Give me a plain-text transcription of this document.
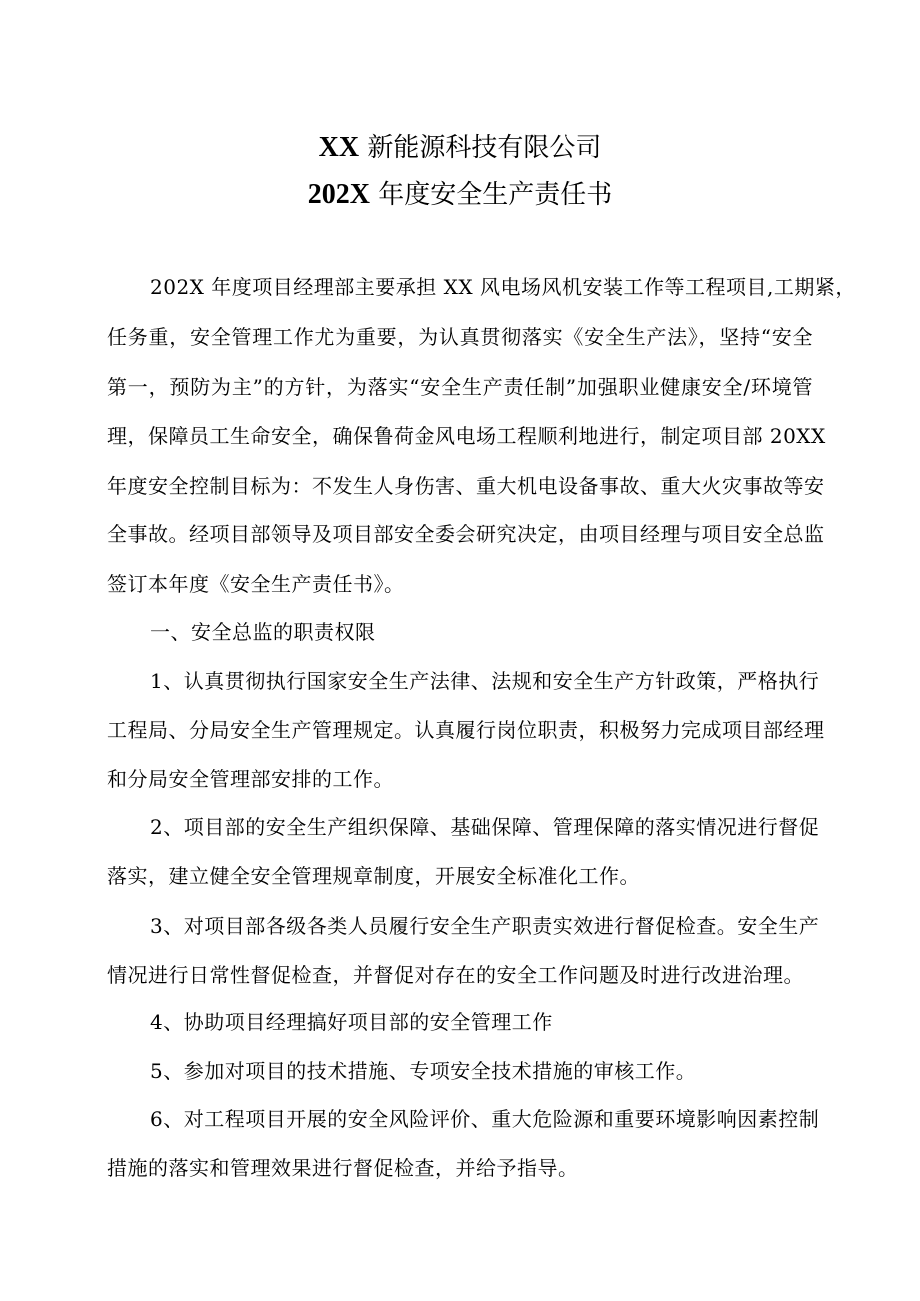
XX 新能源科技有限公司
202X 年度安全生产责任书
202X 年度项目经理部主要承担 XX 风电场风机安装工作等工程项目,工期紧，
任务重，安全管理工作尤为重要，为认真贯彻落实《安全生产法》，坚持“安全
第一，预防为主”的方针，为落实“安全生产责任制”加强职业健康安全/环境管
理，保障员工生命安全，确保鲁荷金风电场工程顺利地进行，制定项目部 20XX
年度安全控制目标为：不发生人身伤害、重大机电设备事故、重大火灾事故等安
全事故。经项目部领导及项目部安全委会研究决定，由项目经理与项目安全总监
签订本年度《安全生产责任书》。
一、安全总监的职责权限
1、认真贯彻执行国家安全生产法律、法规和安全生产方针政策，严格执行
工程局、分局安全生产管理规定。认真履行岗位职责，积极努力完成项目部经理
和分局安全管理部安排的工作。
2、项目部的安全生产组织保障、基础保障、管理保障的落实情况进行督促
落实，建立健全安全管理规章制度，开展安全标准化工作。
3、对项目部各级各类人员履行安全生产职责实效进行督促检查。安全生产
情况进行日常性督促检查，并督促对存在的安全工作问题及时进行改进治理。
4、协助项目经理搞好项目部的安全管理工作
5、参加对项目的技术措施、专项安全技术措施的审核工作。
6、对工程项目开展的安全风险评价、重大危险源和重要环境影响因素控制
措施的落实和管理效果进行督促检查，并给予指导。
